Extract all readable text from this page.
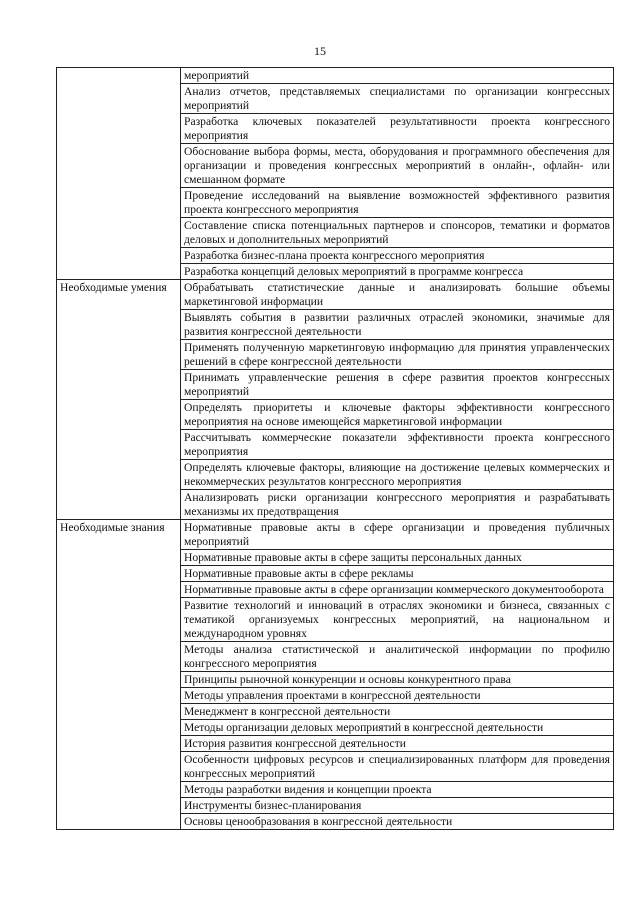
15
	мероприятий
	Анализ отчетов, представляемых специалистами по организации конгрессных мероприятий
	Разработка ключевых показателей результативности проекта конгрессного мероприятия
	Обоснование выбора формы, места, оборудования и программного обеспечения для организации и проведения конгрессных мероприятий в онлайн-, офлайн- или смешанном формате
	Проведение исследований на выявление возможностей эффективного развития проекта конгрессного мероприятия
	Составление списка потенциальных партнеров и спонсоров, тематики и форматов деловых и дополнительных мероприятий
	Разработка бизнес-плана проекта конгрессного мероприятия
	Разработка концепций деловых мероприятий в программе конгресса
Необходимые умения	Обрабатывать статистические данные и анализировать большие объемы маркетинговой информации
	Выявлять события в развитии различных отраслей экономики, значимые для развития конгрессной деятельности
	Применять полученную маркетинговую информацию для принятия управленческих решений в сфере конгрессной деятельности
	Принимать управленческие решения в сфере развития проектов конгрессных мероприятий
	Определять приоритеты и ключевые факторы эффективности конгрессного мероприятия на основе имеющейся маркетинговой информации
	Рассчитывать коммерческие показатели эффективности проекта конгрессного мероприятия
	Определять ключевые факторы, влияющие на достижение целевых коммерческих и некоммерческих результатов конгрессного мероприятия
	Анализировать риски организации конгрессного мероприятия и разрабатывать механизмы их предотвращения
Необходимые знания	Нормативные правовые акты в сфере организации и проведения публичных мероприятий
	Нормативные правовые акты в сфере защиты персональных данных
	Нормативные правовые акты в сфере рекламы
	Нормативные правовые акты в сфере организации коммерческого документооборота
	Развитие технологий и инноваций в отраслях экономики и бизнеса, связанных с тематикой организуемых конгрессных мероприятий, на национальном и международном уровнях
	Методы анализа статистической и аналитической информации по профилю конгрессного мероприятия
	Принципы рыночной конкуренции и основы конкурентного права
	Методы управления проектами в конгрессной деятельности
	Менеджмент в конгрессной деятельности
	Методы организации деловых мероприятий в конгрессной деятельности
	История развития конгрессной деятельности
	Особенности цифровых ресурсов и специализированных платформ для проведения конгрессных мероприятий
	Методы разработки видения и концепции проекта
	Инструменты бизнес-планирования
	Основы ценообразования в конгрессной деятельности
